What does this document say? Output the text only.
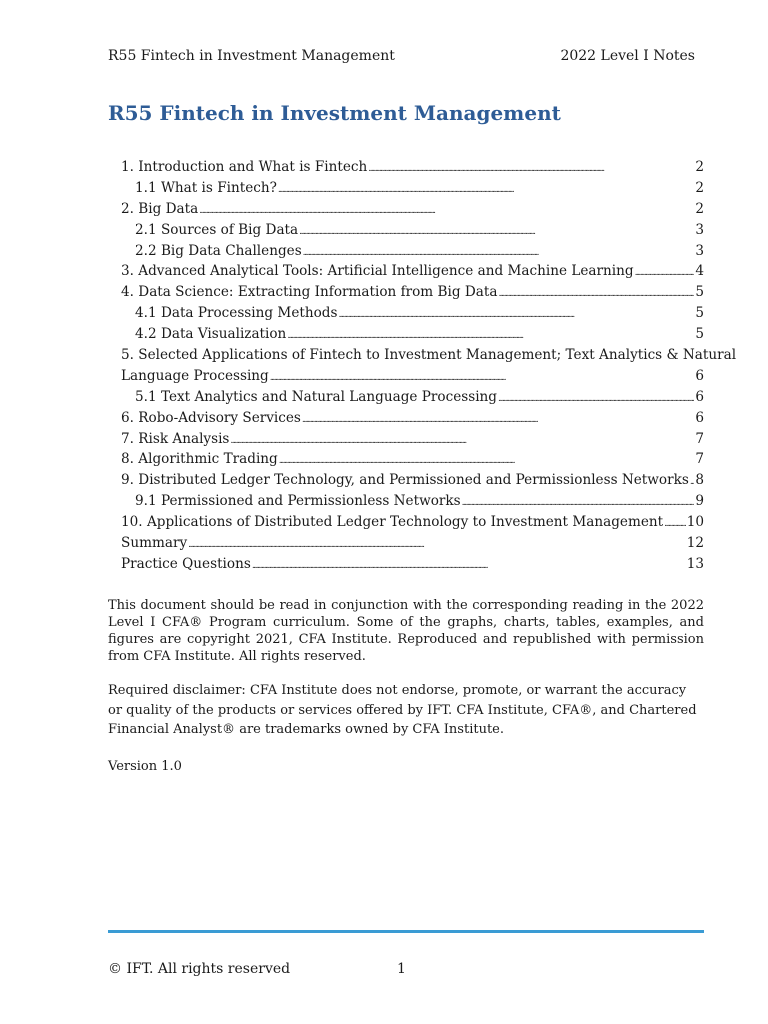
R55 Fintech in Investment Management	2022 Level I Notes
R55 Fintech in Investment Management
1. Introduction and What is Fintech . . .	2
1.1 What is Fintech? . . .	2
2. Big Data . . .	2
2.1 Sources of Big Data . . .	3
2.2 Big Data Challenges . . .	3
3. Advanced Analytical Tools: Artificial Intelligence and Machine Learning . . .	4
4. Data Science: Extracting Information from Big Data . . .	5
4.1 Data Processing Methods . . .	5
4.2 Data Visualization . . .	5
5. Selected Applications of Fintech to Investment Management; Text Analytics & Natural
Language Processing . . .	6
5.1 Text Analytics and Natural Language Processing . . .	6
6. Robo-Advisory Services . . .	6
7. Risk Analysis . . .	7
8. Algorithmic Trading . . .	7
9. Distributed Ledger Technology, and Permissioned and Permissionless Networks . . . 8
9.1 Permissioned and Permissionless Networks . . .	9
10. Applications of Distributed Ledger Technology to Investment Management . . . 10
Summary . . .	12
Practice Questions . . .	13

This document should be read in conjunction with the corresponding reading in the 2022 Level I CFA® Program curriculum. Some of the graphs, charts, tables, examples, and figures are copyright 2021, CFA Institute. Reproduced and republished with permission from CFA Institute. All rights reserved.

Required disclaimer: CFA Institute does not endorse, promote, or warrant the accuracy or quality of the products or services offered by IFT. CFA Institute, CFA®, and Chartered Financial Analyst® are trademarks owned by CFA Institute.

Version 1.0

© IFT. All rights reserved	1
